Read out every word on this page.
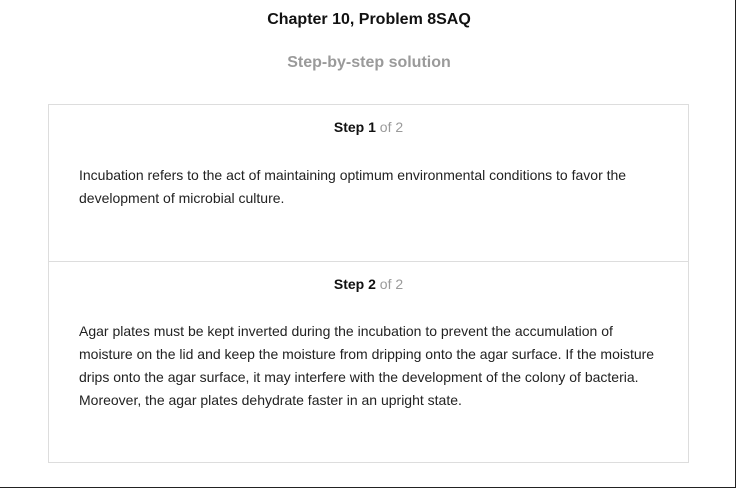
Chapter 10, Problem 8SAQ
Step-by-step solution
Step 1 of 2
Incubation refers to the act of maintaining optimum environmental conditions to favor the development of microbial culture.
Step 2 of 2
Agar plates must be kept inverted during the incubation to prevent the accumulation of moisture on the lid and keep the moisture from dripping onto the agar surface. If the moisture drips onto the agar surface, it may interfere with the development of the colony of bacteria. Moreover, the agar plates dehydrate faster in an upright state.
